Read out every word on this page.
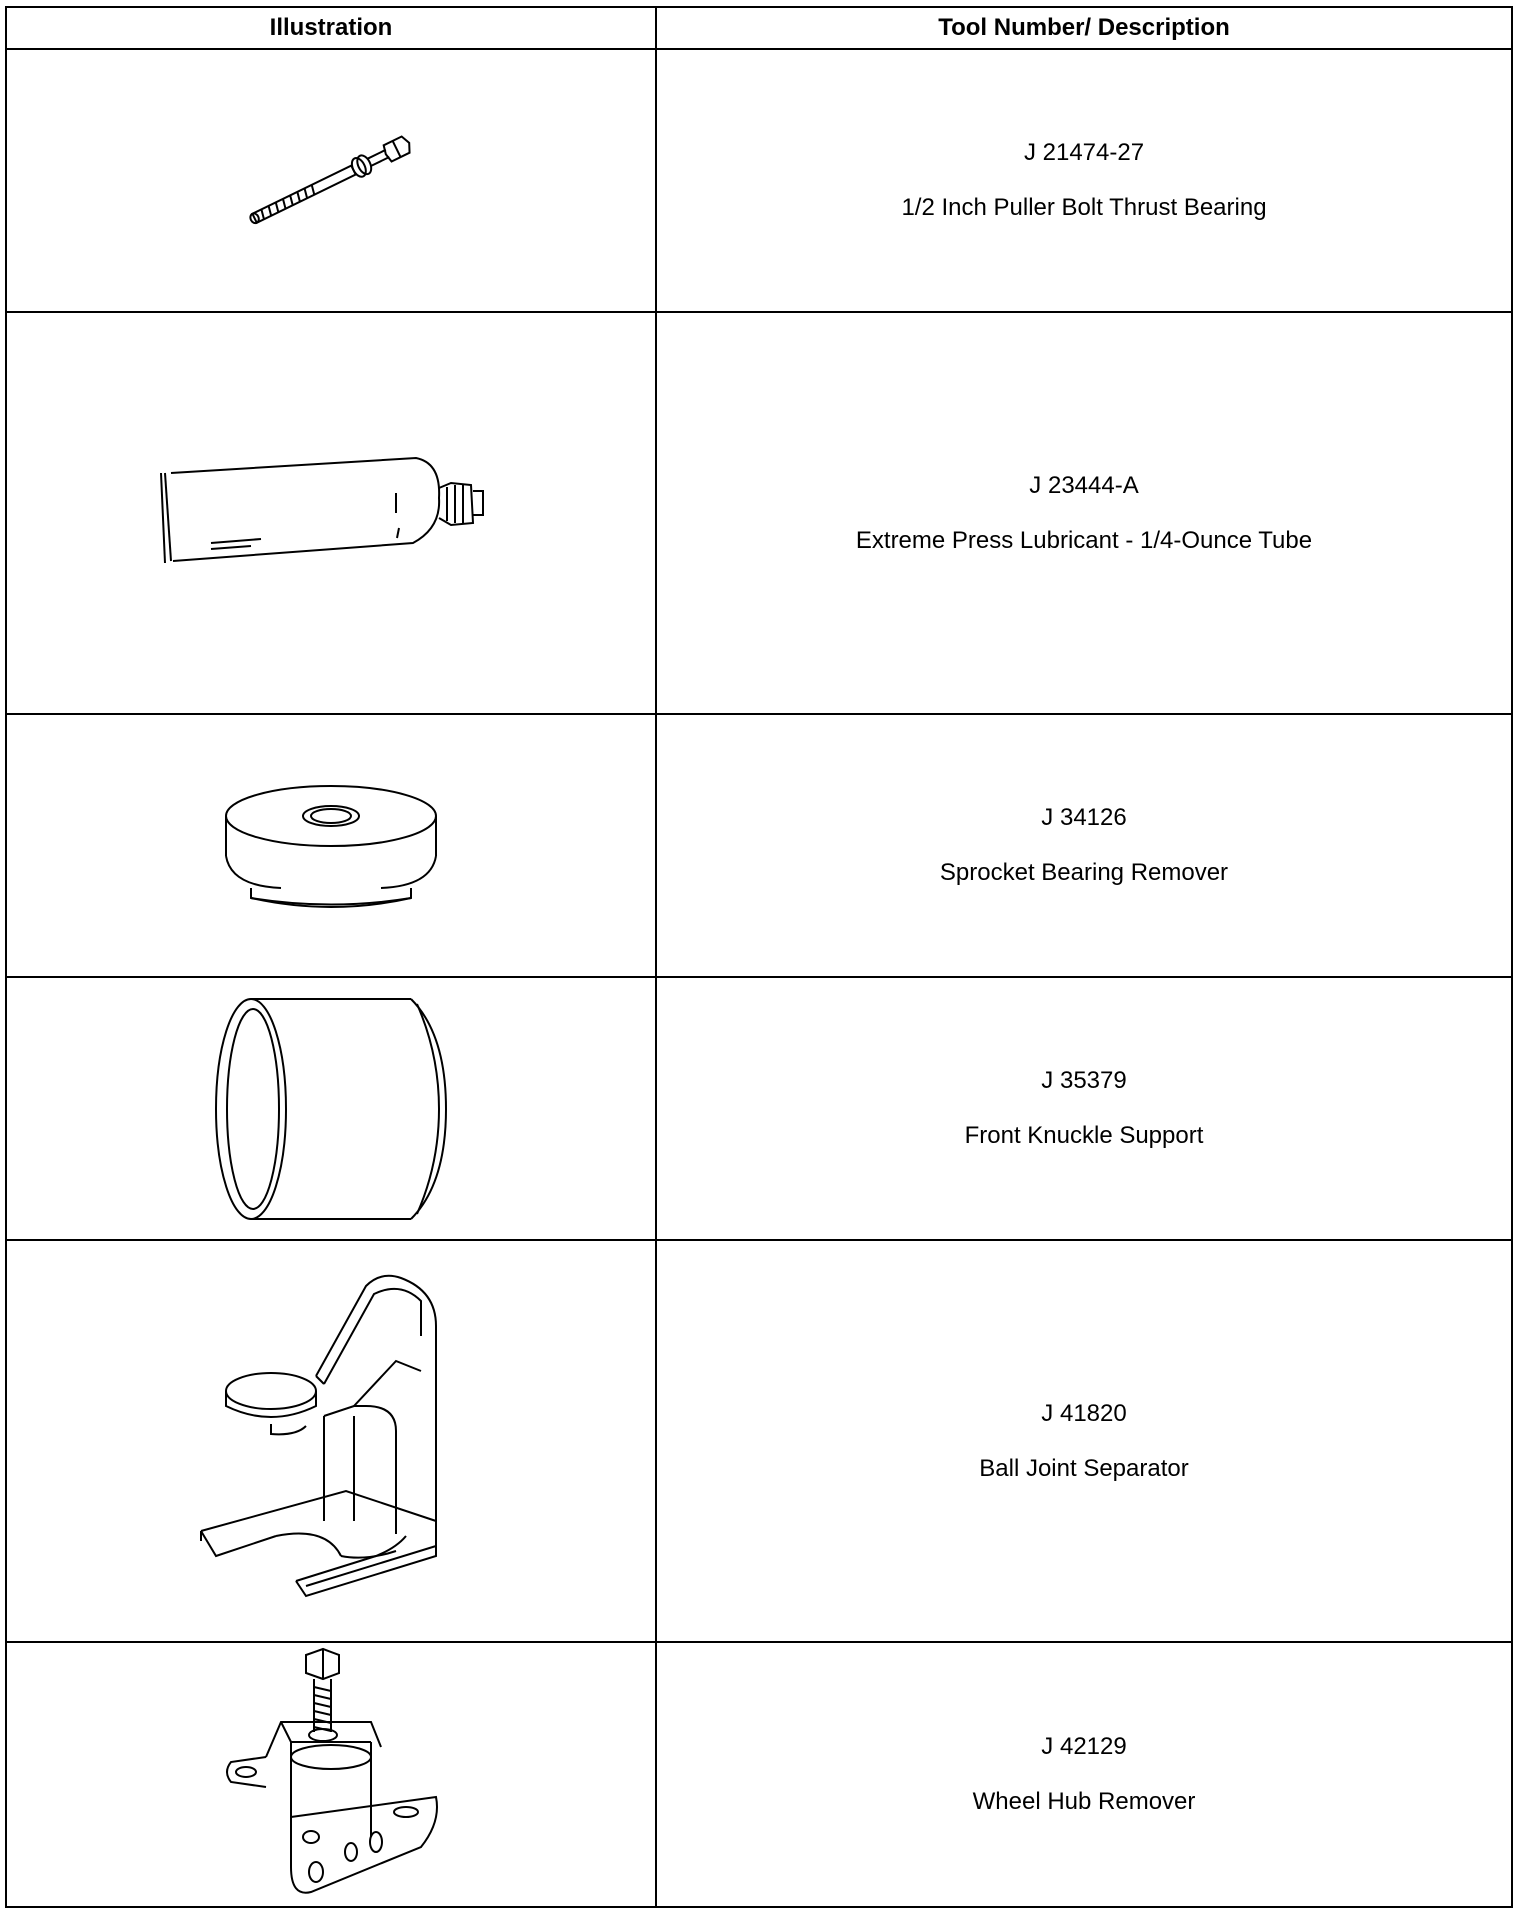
Illustration	Tool Number/ Description

J 21474-27
1/2 Inch Puller Bolt Thrust Bearing

J 23444-A
Extreme Press Lubricant - 1/4-Ounce Tube

J 34126
Sprocket Bearing Remover

J 35379
Front Knuckle Support

J 41820
Ball Joint Separator

J 42129
Wheel Hub Remover
